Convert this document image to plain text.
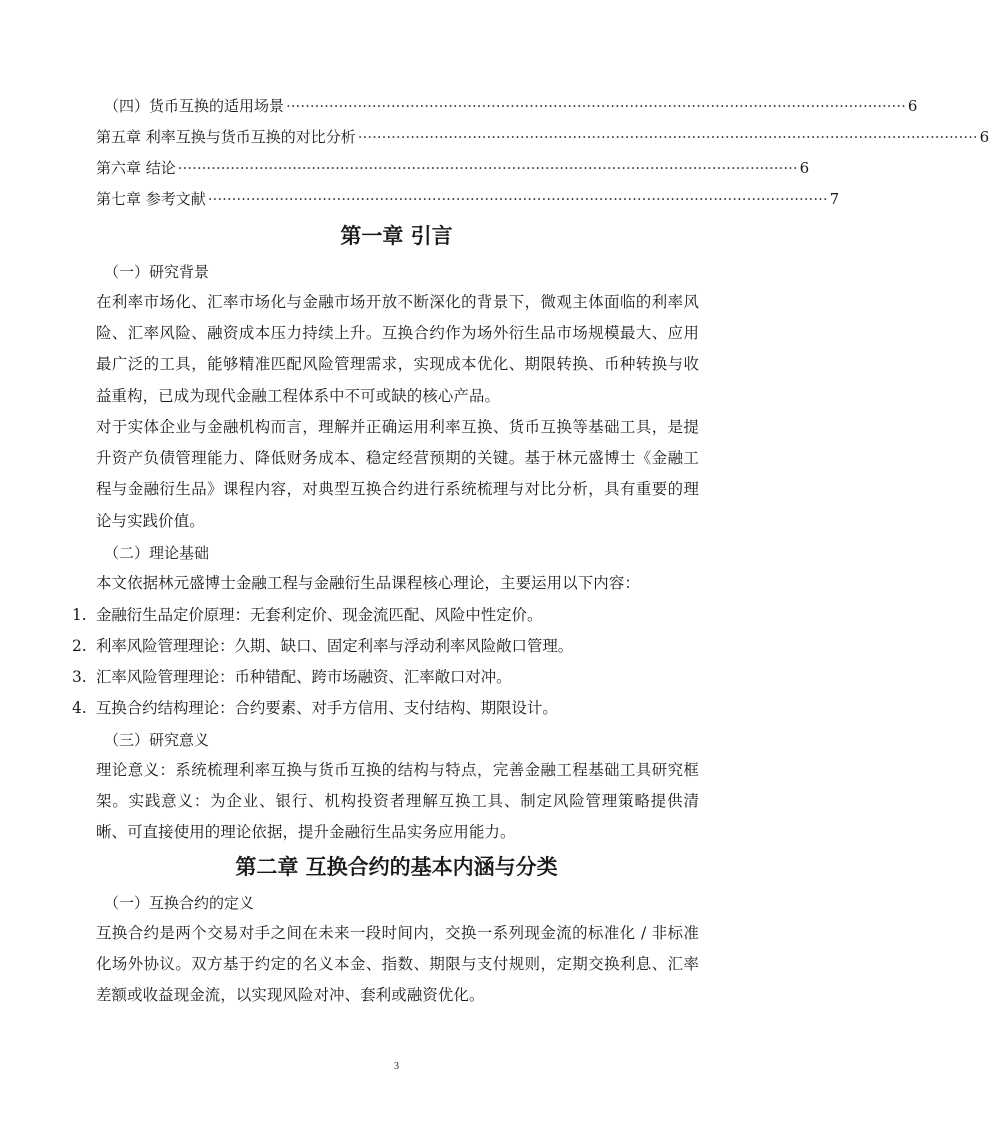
（四）货币互换的适用场景 ·································································································································· 6
第五章 利率互换与货币互换的对比分析 ·································································································································· 6
第六章 结论 ·································································································································· 6
第七章 参考文献 ·································································································································· 7
第一章 引言
（一）研究背景

在利率市场化、汇率市场化与金融市场开放不断深化的背景下，微观主体面临的利率风险、汇率风险、融资成本压力持续上升。互换合约作为场外衍生品市场规模最大、应用最广泛的工具，能够精准匹配风险管理需求，实现成本优化、期限转换、币种转换与收益重构，已成为现代金融工程体系中不可或缺的核心产品。

对于实体企业与金融机构而言，理解并正确运用利率互换、货币互换等基础工具，是提升资产负债管理能力、降低财务成本、稳定经营预期的关键。基于林元盛博士《金融工程与金融衍生品》课程内容，对典型互换合约进行系统梳理与对比分析，具有重要的理论与实践价值。

（二）理论基础

本文依据林元盛博士金融工程与金融衍生品课程核心理论，主要运用以下内容：

1. 金融衍生品定价原理：无套利定价、现金流匹配、风险中性定价。
2. 利率风险管理理论：久期、缺口、固定利率与浮动利率风险敞口管理。
3. 汇率风险管理理论：币种错配、跨市场融资、汇率敞口对冲。
4. 互换合约结构理论：合约要素、对手方信用、支付结构、期限设计。
（三）研究意义

理论意义：系统梳理利率互换与货币互换的结构与特点，完善金融工程基础工具研究框架。实践意义：为企业、银行、机构投资者理解互换工具、制定风险管理策略提供清晰、可直接使用的理论依据，提升金融衍生品实务应用能力。

第二章 互换合约的基本内涵与分类
（一）互换合约的定义

互换合约是两个交易对手之间在未来一段时间内，交换一系列现金流的标准化 / 非标准化场外协议。双方基于约定的名义本金、指数、期限与支付规则，定期交换利息、汇率差额或收益现金流，以实现风险对冲、套利或融资优化。

3
